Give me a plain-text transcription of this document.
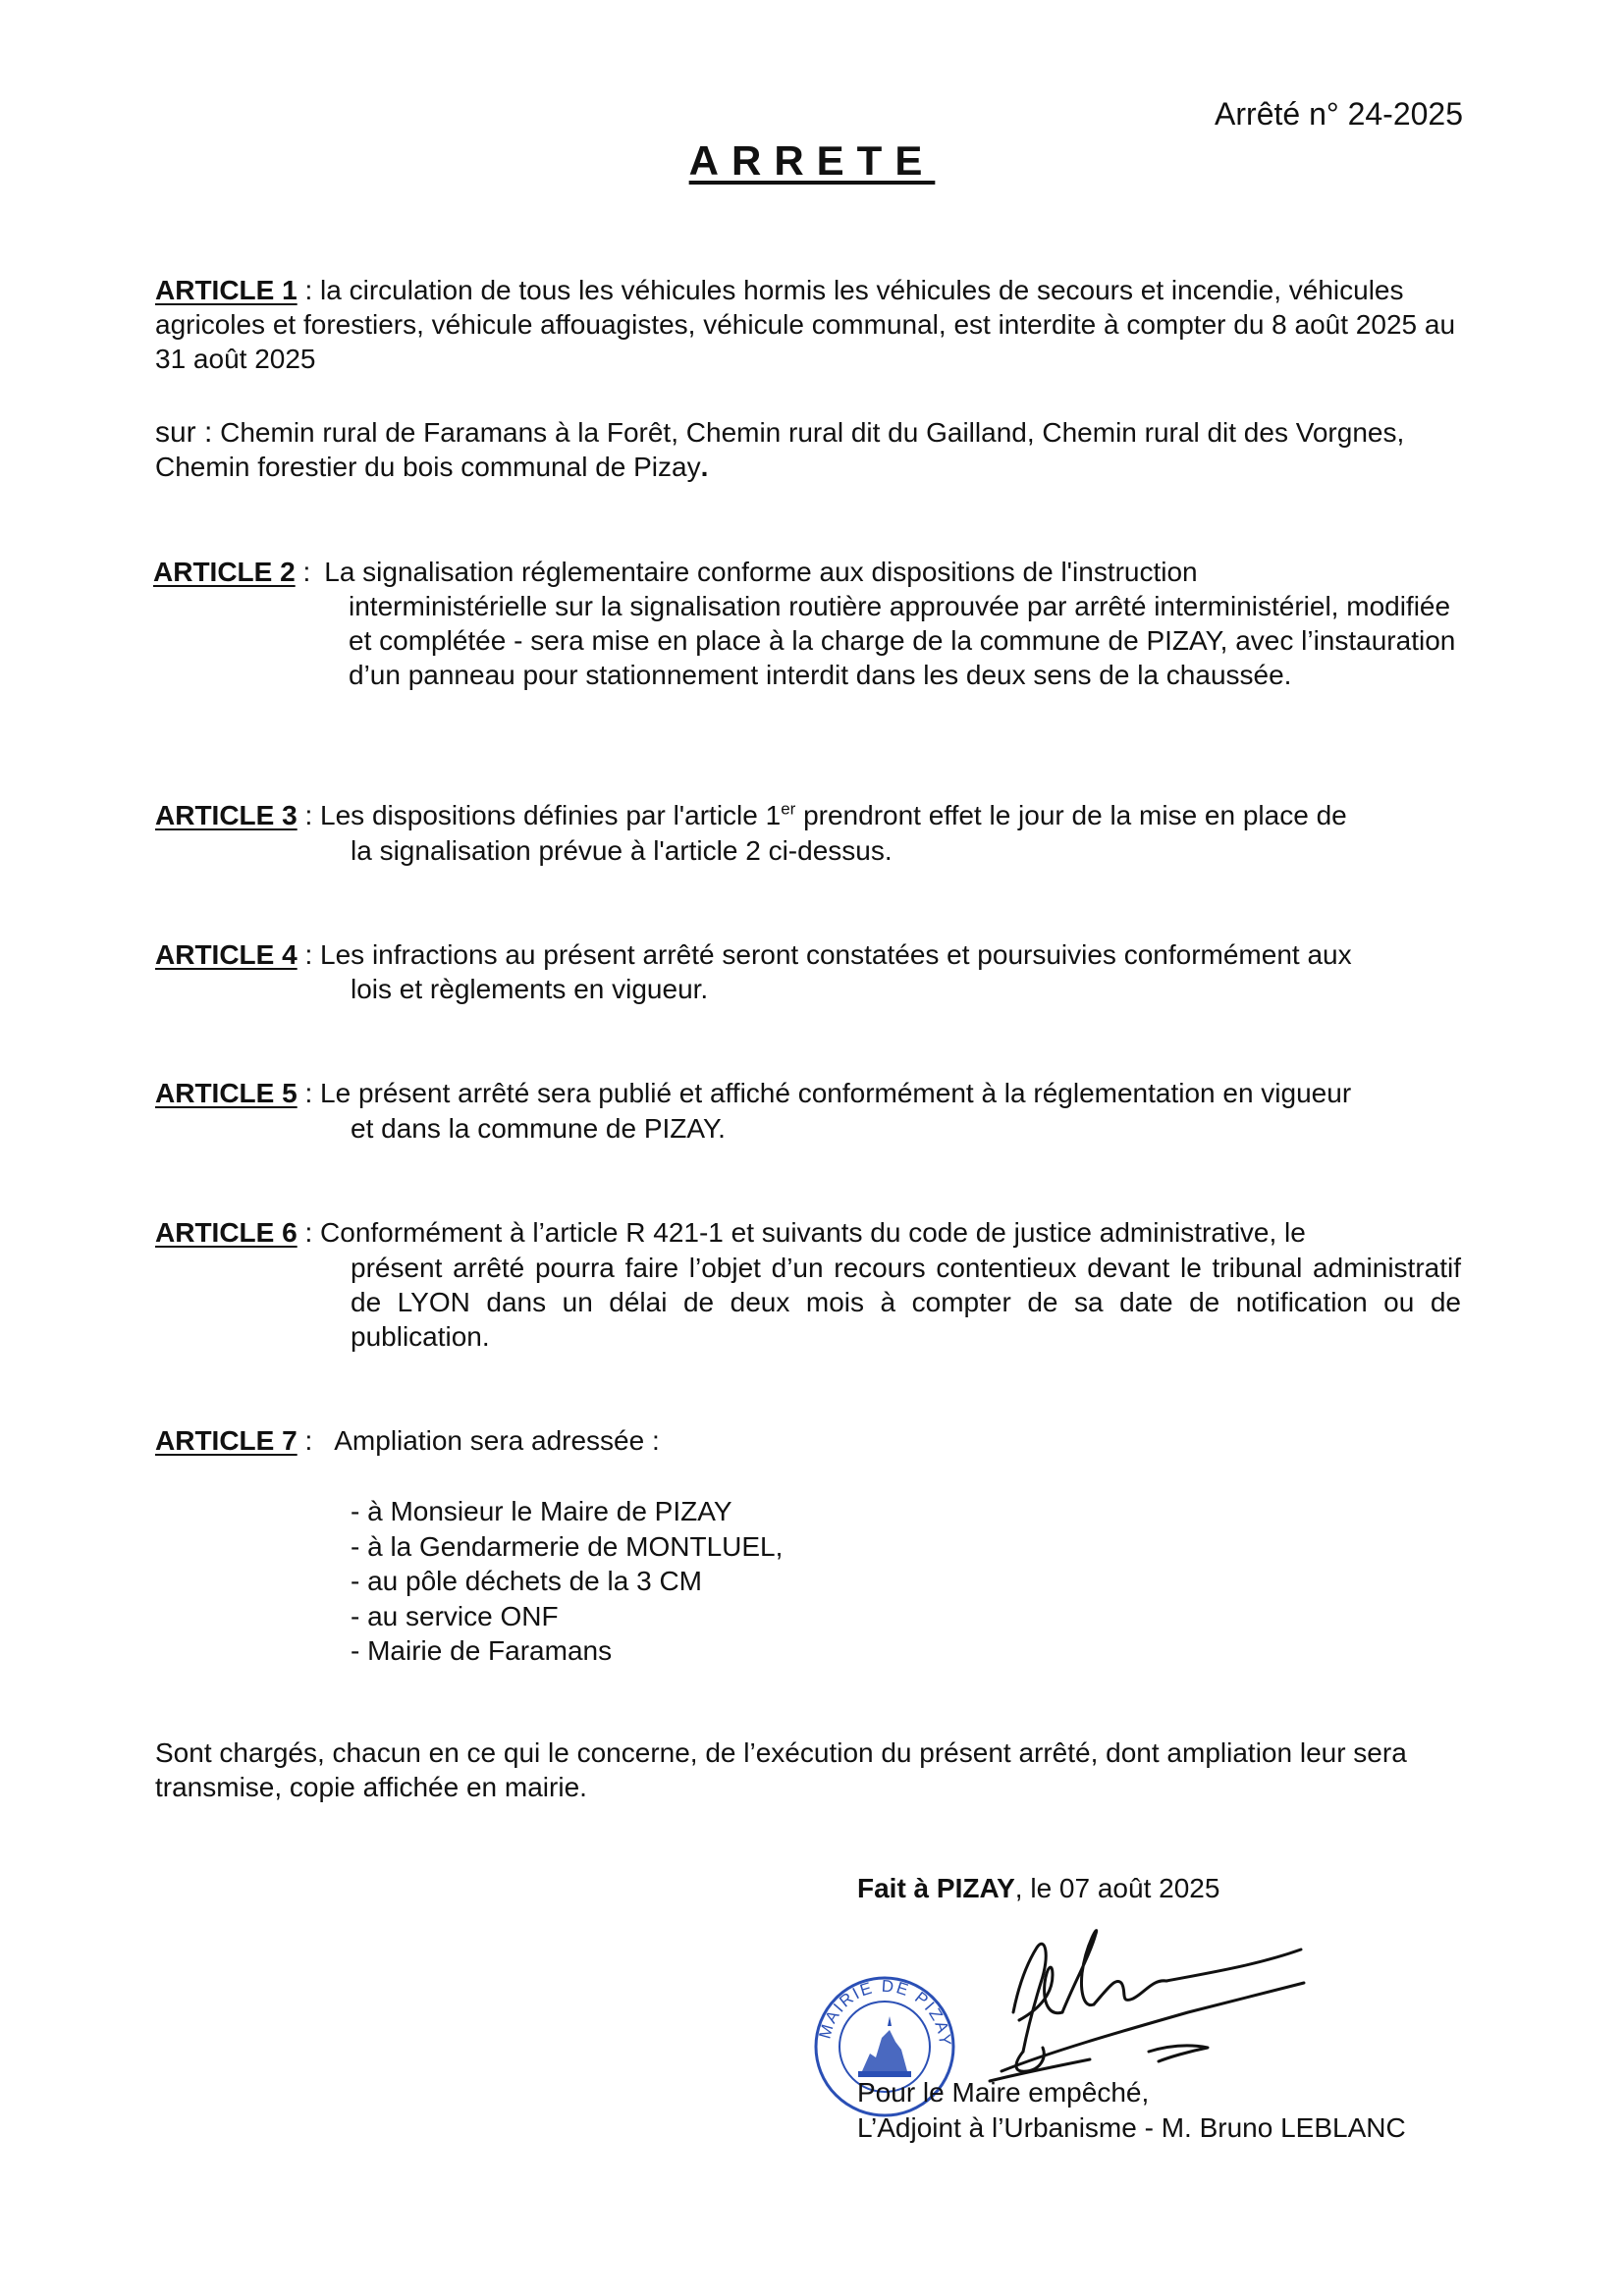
Arrêté n° 24-2025
ARRETE
ARTICLE 1 : la circulation de tous les véhicules hormis les véhicules de secours et incendie, véhicules agricoles et forestiers, véhicule affouagistes, véhicule communal, est interdite à compter du 8 août 2025 au 31 août 2025
sur : Chemin rural de Faramans à la Forêt, Chemin rural dit du Gailland, Chemin rural dit des Vorgnes, Chemin forestier du bois communal de Pizay.
ARTICLE 2 : La signalisation réglementaire conforme aux dispositions de l'instruction
interministérielle sur la signalisation routière approuvée par arrêté interministériel, modifiée et complétée - sera mise en place à la charge de la commune de PIZAY, avec l’instauration d’un panneau pour stationnement interdit dans les deux sens de la chaussée.
ARTICLE 3 : Les dispositions définies par l'article 1er prendront effet le jour de la mise en place de
la signalisation prévue à l'article 2 ci-dessus.
ARTICLE 4 : Les infractions au présent arrêté seront constatées et poursuivies conformément aux
lois et règlements en vigueur.
ARTICLE 5 : Le présent arrêté sera publié et affiché conformément à la réglementation en vigueur
et dans la commune de PIZAY.
ARTICLE 6 : Conformément à l’article R 421-1 et suivants du code de justice administrative, le
présent arrêté pourra faire l’objet d’un recours contentieux devant le tribunal administratif de LYON dans un délai de deux mois à compter de sa date de notification ou de publication.
ARTICLE 7 : Ampliation sera adressée :
- à Monsieur le Maire de PIZAY
- à la Gendarmerie de MONTLUEL,
- au pôle déchets de la 3 CM
- au service ONF
- Mairie de Faramans
Sont chargés, chacun en ce qui le concerne, de l’exécution du présent arrêté, dont ampliation leur sera transmise, copie affichée en mairie.
Fait à PIZAY, le 07 août 2025
MAIRIE DE PIZAY
Pour le Maire empêché,
L’Adjoint à l’Urbanisme - M. Bruno LEBLANC
